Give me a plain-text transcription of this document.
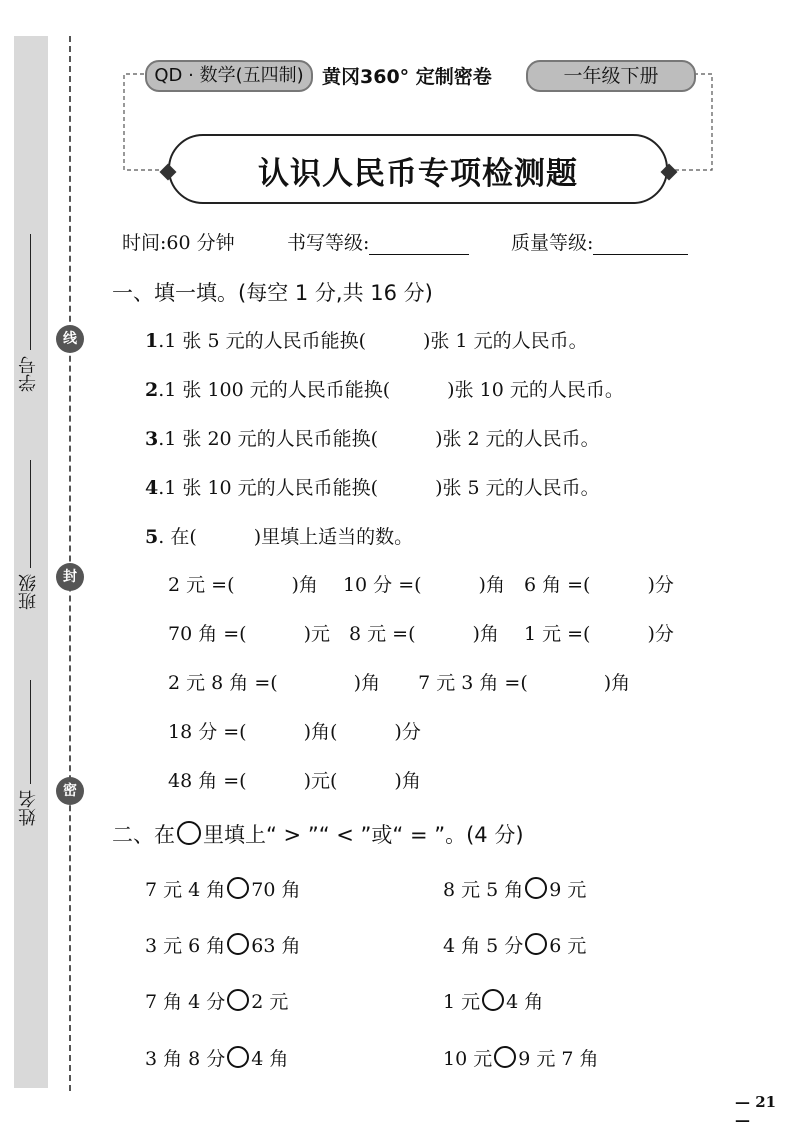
学号
班级
姓名
线
封
密
QD · 数学(五四制) 黄冈360° 定制密卷	一年级下册
认识人民币专项检测题
时间:60 分钟	书写等级:	质量等级:
一、填一填。(每空 1 分,共 16 分)
1.1 张 5 元的人民币能换(　　　)张 1 元的人民币。
2.1 张 100 元的人民币能换(　　　)张 10 元的人民币。
3.1 张 20 元的人民币能换(　　　)张 2 元的人民币。
4.1 张 10 元的人民币能换(　　　)张 5 元的人民币。
5. 在(　　　)里填上适当的数。
2 元 =(　　　)角　 10 分 =(　　　)角　6 角 =(　　　)分
70 角 =(　　　)元　8 元 =(　　　)角　 1 元 =(　　　)分
2 元 8 角 =(　　　　)角　　7 元 3 角 =(　　　　)角
18 分 =(　　　)角(　　　)分
48 角 =(　　　)元(　　　)角
二、在 里填上“ > ”“ < ”或“ = ”。(4 分)
7 元 4 角 70 角	8 元 5 角 9 元
3 元 6 角 63 角	4 角 5 分 6 元
7 角 4 分 2 元	1 元 4 角
3 角 8 分 4 角	10 元 9 元 7 角
— 21 —
